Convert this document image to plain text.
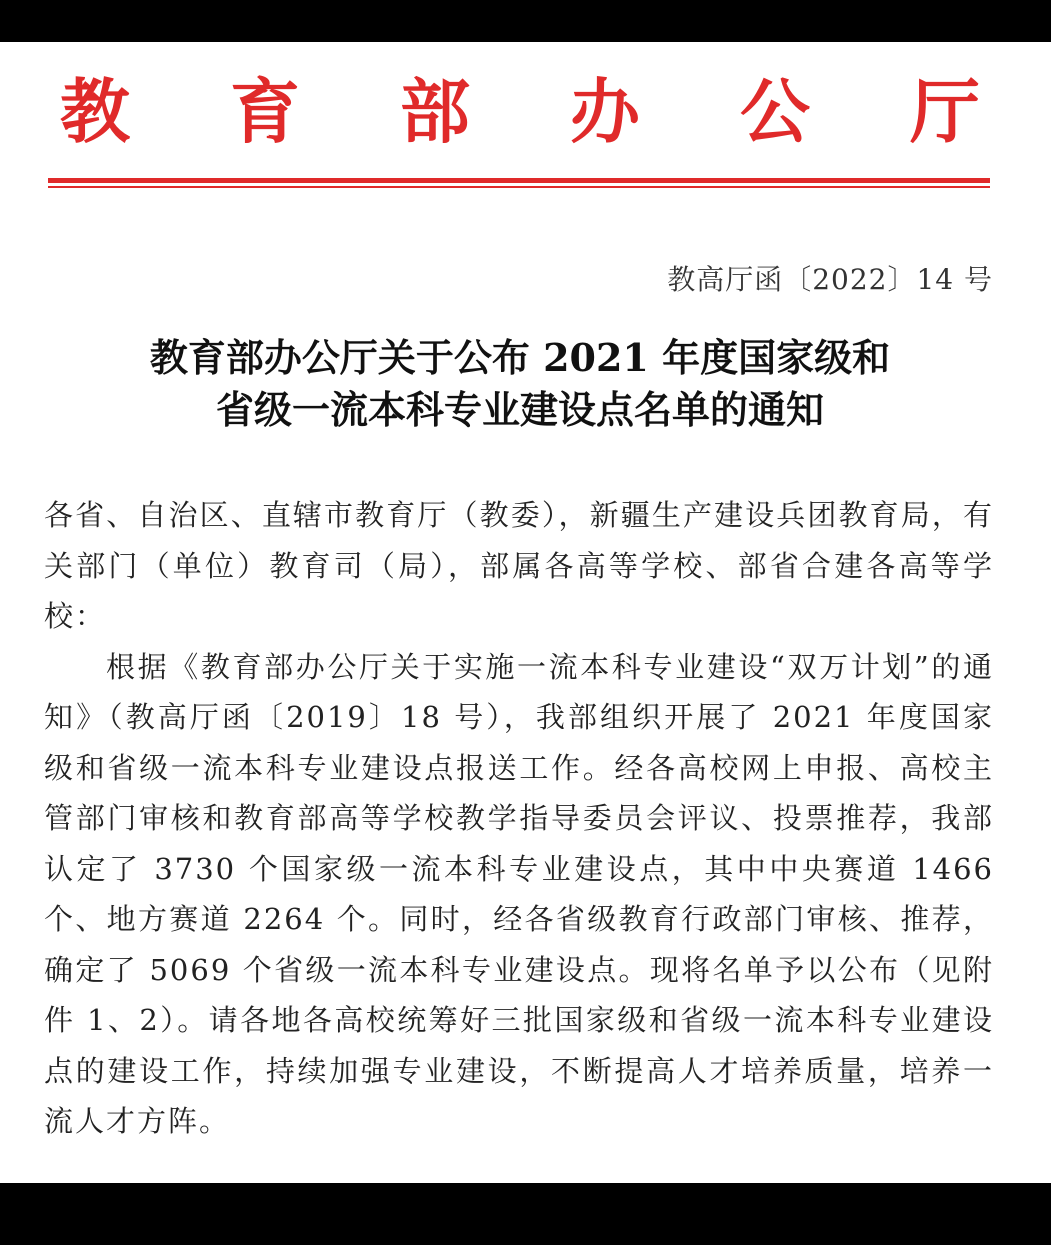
教 育 部 办 公 厅
教高厅函〔2022〕14 号
教育部办公厅关于公布 2021 年度国家级和
省级一流本科专业建设点名单的通知

各省、自治区、直辖市教育厅（教委），新疆生产建设兵团教育局，有关部门（单位）教育司（局），部属各高等学校、部省合建各高等学校：

根据《教育部办公厅关于实施一流本科专业建设“双万计划”的通知》（教高厅函〔2019〕18 号），我部组织开展了 2021 年度国家级和省级一流本科专业建设点报送工作。经各高校网上申报、高校主管部门审核和教育部高等学校教学指导委员会评议、投票推荐，我部认定了 3730 个国家级一流本科专业建设点，其中中央赛道 1466 个、地方赛道 2264 个。同时，经各省级教育行政部门审核、推荐，确定了 5069 个省级一流本科专业建设点。现将名单予以公布（见附件 1、2）。请各地各高校统筹好三批国家级和省级一流本科专业建设点的建设工作，持续加强专业建设，不断提高人才培养质量，培养一流人才方阵。
